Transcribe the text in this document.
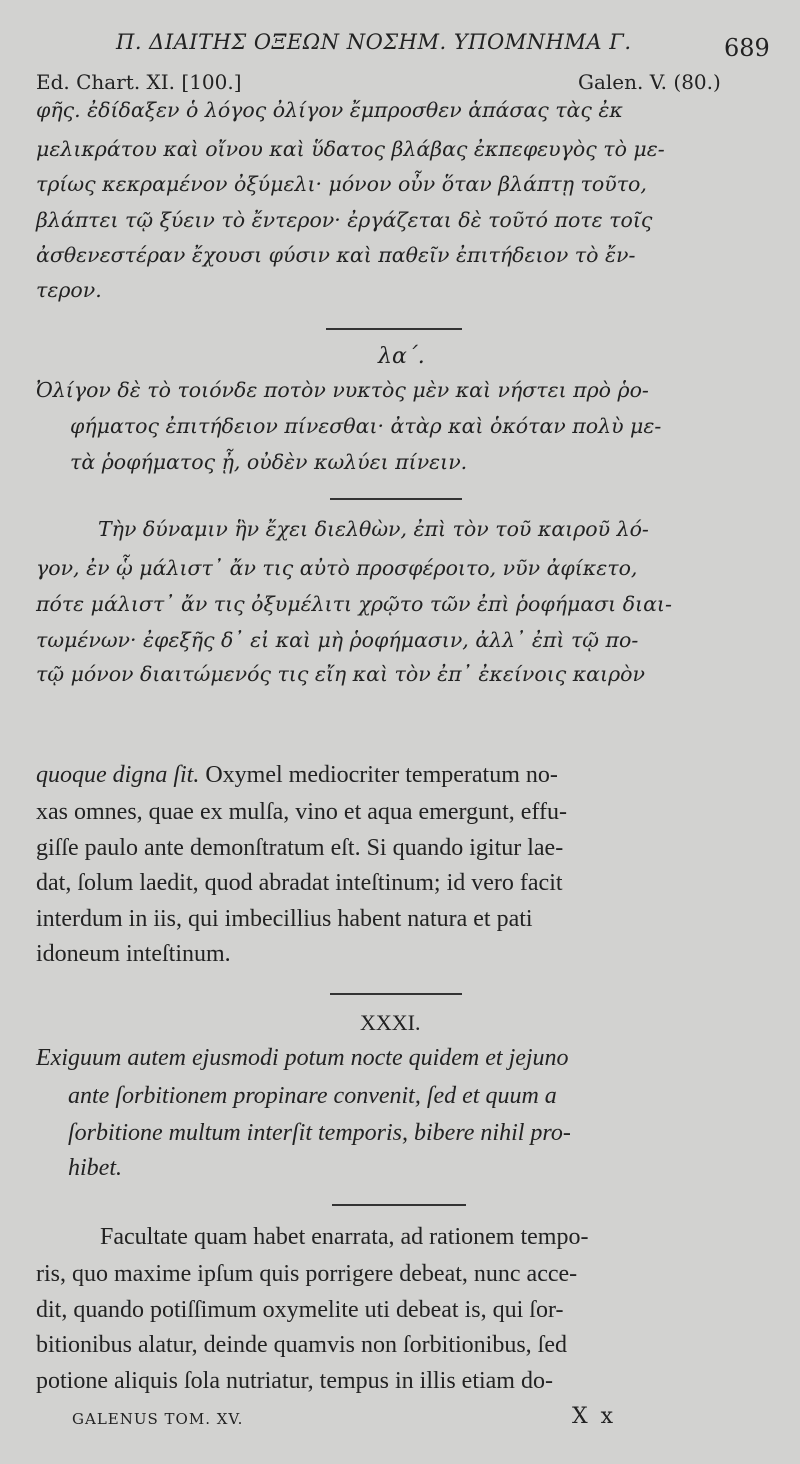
Π. ΔΙΑΙΤΗΣ ΟΞΕΩΝ ΝΟΣΗΜ. ΥΠΟΜΝΗΜΑ Γ.	689
Ed. Chart. XI. [100.]	Galen. V. (80.)
φῆς. ἐδίδαξεν ὁ λόγος ὀλίγον ἔμπροσθεν ἁπάσας τὰς ἐκ
μελικράτου καὶ οἴνου καὶ ὕδατος βλάβας ἐκπεφευγὸς τὸ με-
τρίως κεκραμένον ὀξύμελι· μόνον οὖν ὅταν βλάπτῃ τοῦτο,
βλάπτει τῷ ξύειν τὸ ἔντερον· ἐργάζεται δὲ τοῦτό ποτε τοῖς
ἀσθενεστέραν ἔχουσι φύσιν καὶ παθεῖν ἐπιτήδειον τὸ ἔν-
τερον.
λα΄.
Ὀλίγον δὲ τὸ τοιόνδε ποτὸν νυκτὸς μὲν καὶ νήστει πρὸ ῥο-
φήματος ἐπιτήδειον πίνεσθαι· ἀτὰρ καὶ ὁκόταν πολὺ με-
τὰ ῥοφήματος ᾖ, οὐδὲν κωλύει πίνειν.
Τὴν δύναμιν ἣν ἔχει διελθὼν, ἐπὶ τὸν τοῦ καιροῦ λό-
γον, ἐν ᾧ μάλιστ᾽ ἄν τις αὐτὸ προσφέροιτο, νῦν ἀφίκετο,
πότε μάλιστ᾽ ἄν τις ὀξυμέλιτι χρῷτο τῶν ἐπὶ ῥοφήμασι διαι-
τωμένων· ἐφεξῆς δ᾽ εἰ καὶ μὴ ῥοφήμασιν, ἀλλ᾽ ἐπὶ τῷ πο-
τῷ μόνον διαιτώμενός τις εἴη καὶ τὸν ἐπ᾽ ἐκείνοις καιρὸν
quoque digna ſit. Oxymel mediocriter temperatum no-
xas omnes, quae ex mulſa, vino et aqua emergunt, effu-
giſſe paulo ante demonſtratum eſt. Si quando igitur lae-
dat, ſolum laedit, quod abradat inteſtinum; id vero facit
interdum in iis, qui imbecillius habent natura et pati
idoneum inteſtinum.
XXXI.
Exiguum autem ejusmodi potum nocte quidem et jejuno
ante ſorbitionem propinare convenit, ſed et quum a
ſorbitione multum interſit temporis, bibere nihil pro-
hibet.
Facultate quam habet enarrata, ad rationem tempo-
ris, quo maxime ipſum quis porrigere debeat, nunc acce-
dit, quando potiſſimum oxymelite uti debeat is, qui ſor-
bitionibus alatur, deinde quamvis non ſorbitionibus, ſed
potione aliquis ſola nutriatur, tempus in illis etiam do-
GALENUS TOM. XV.	X x
